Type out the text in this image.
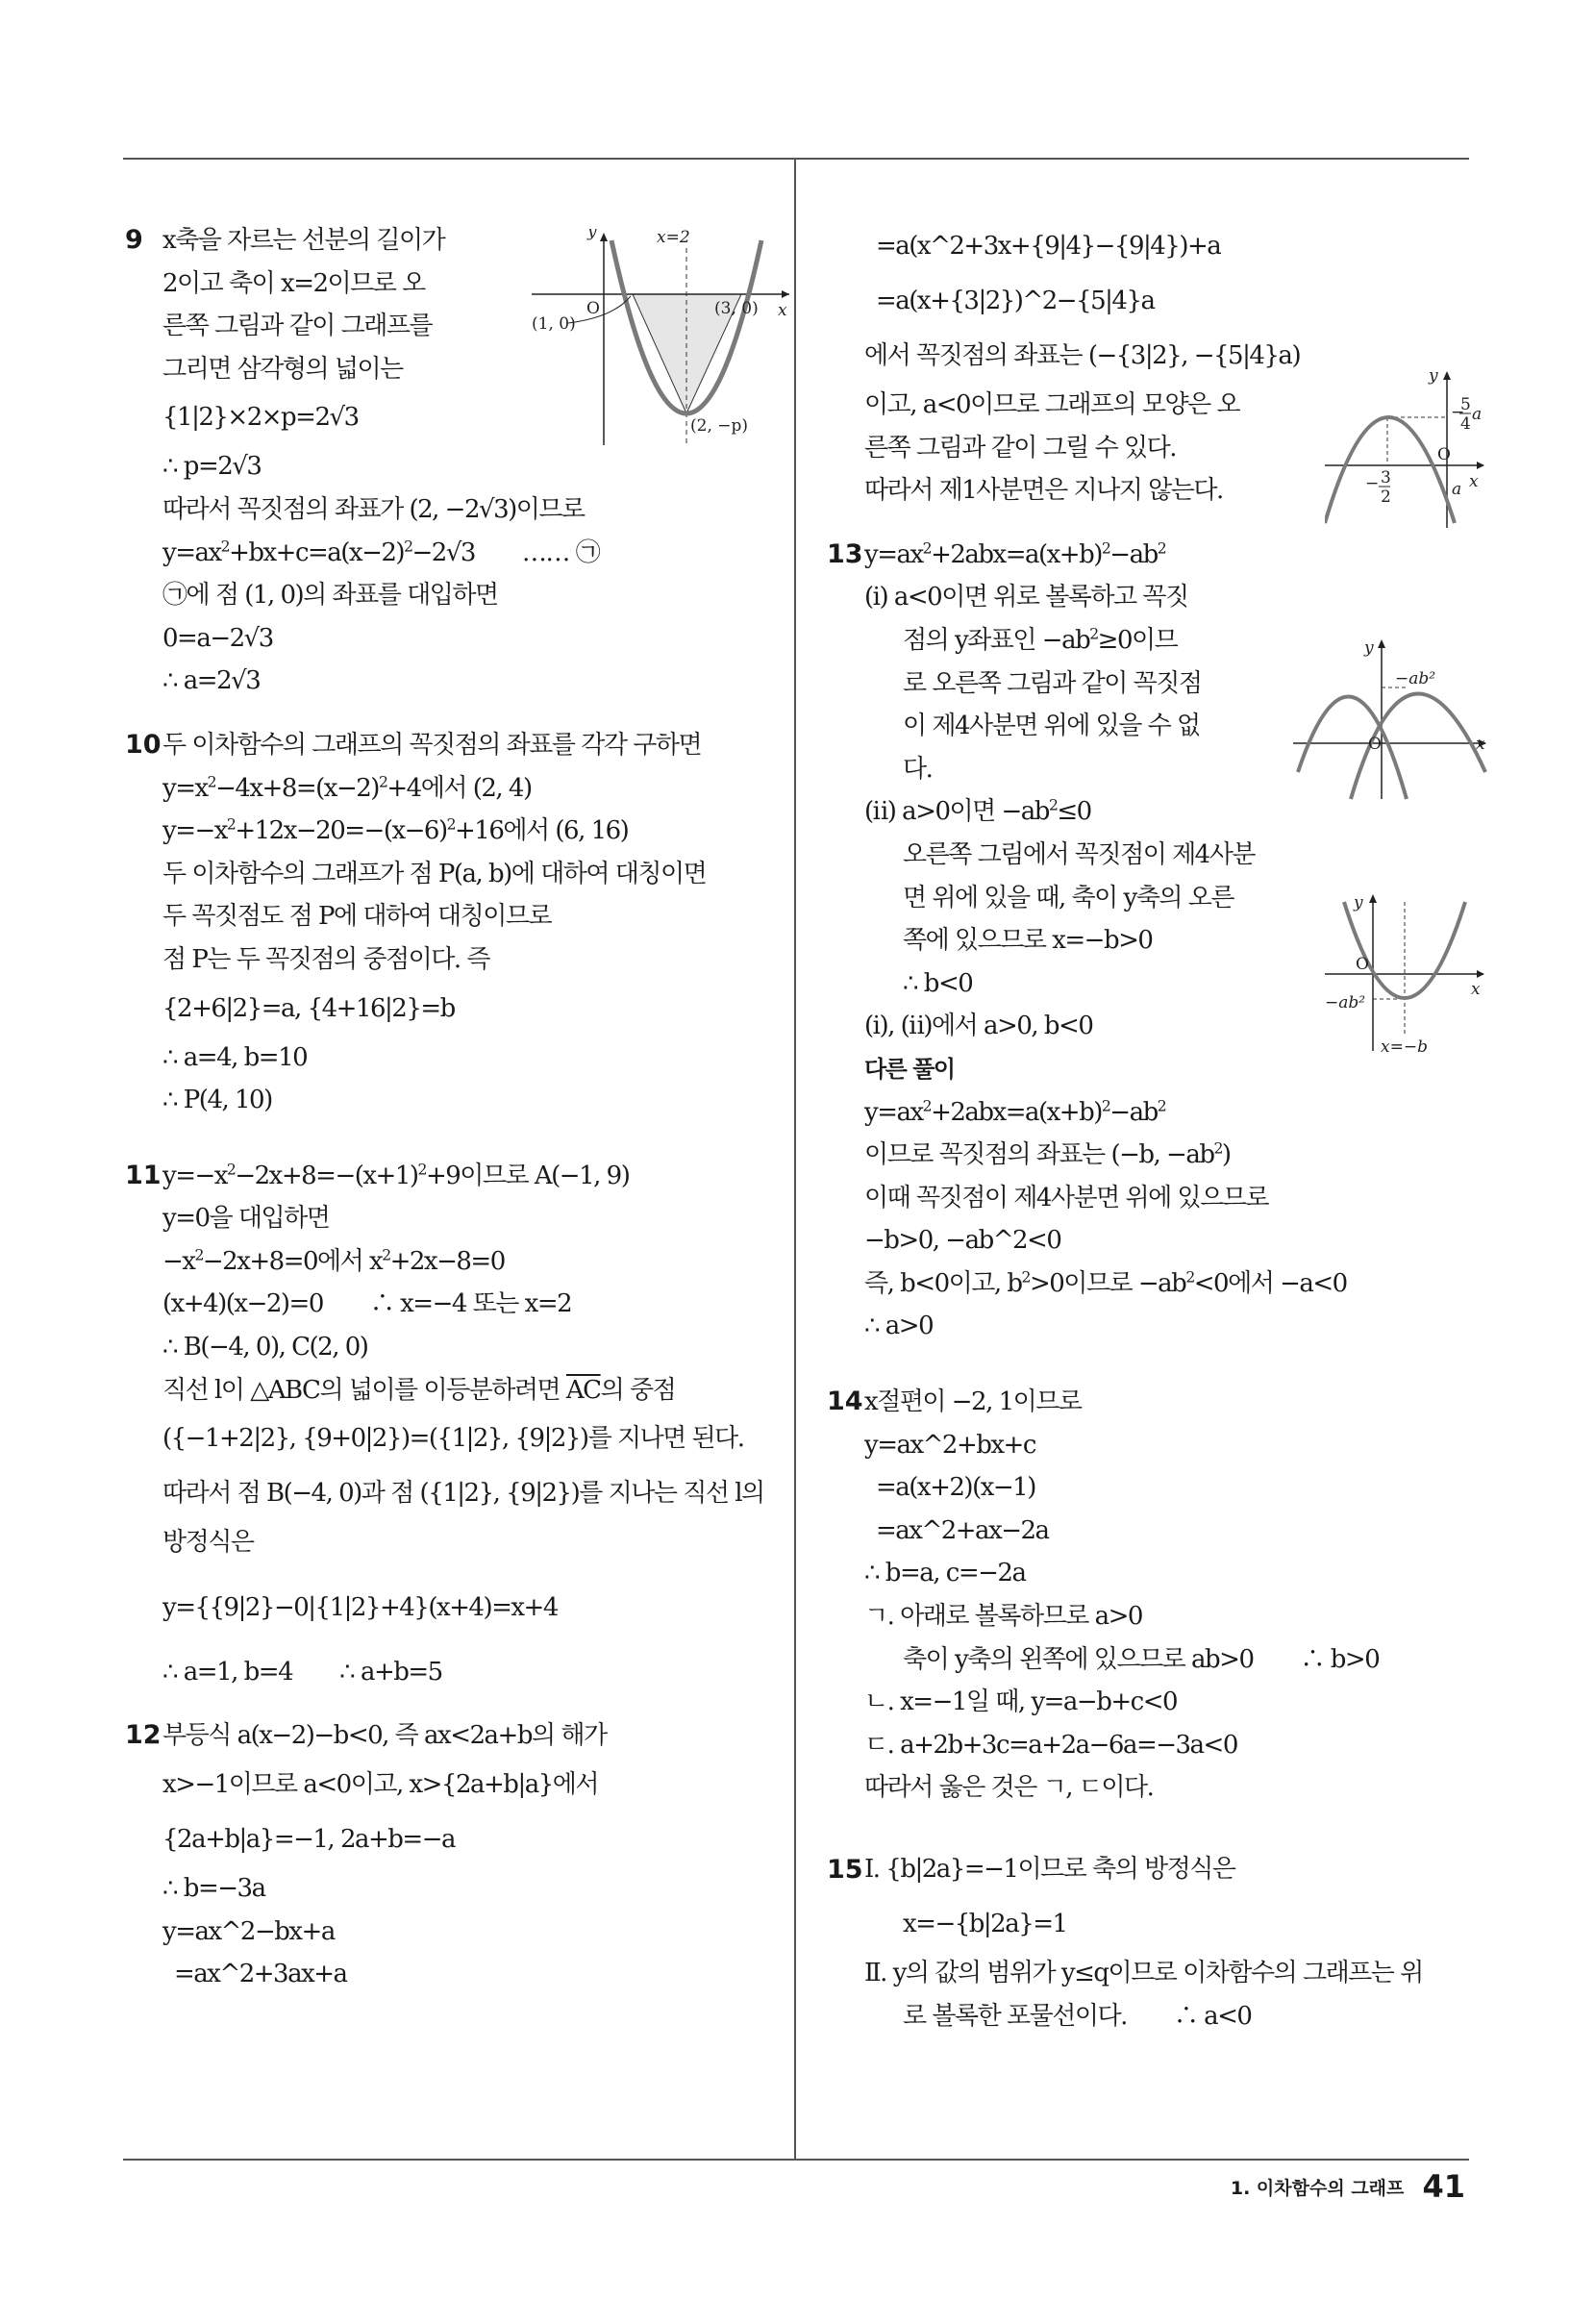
9 x축을 자르는 선분의 길이가
2이고 축이 x=2이므로 오
른쪽 그림과 같이 그래프를
그리면 삼각형의 넓이는
{1|2}×2×p=2√3
∴ p=2√3
따라서 꼭짓점의 좌표가 (2, −2√3)이므로
$y=ax^2+bx+c=a(x-2)^2-2√3$　　…… ㉠
㉠에 점 (1, 0)의 좌표를 대입하면
0=a−2√3
∴ a=2√3
10 두 이차함수의 그래프의 꼭짓점의 좌표를 각각 구하면
$y=x^2-4x+8=(x-2)^2+4$에서 (2, 4)
$y=-x^2+12x-20=-(x-6)^2+16$에서 (6, 16)
두 이차함수의 그래프가 점 P(a, b)에 대하여 대칭이면
두 꼭짓점도 점 P에 대하여 대칭이므로
점 P는 두 꼭짓점의 중점이다. 즉
{2+6|2}=a, {4+16|2}=b
∴ a=4, b=10
∴ P(4, 10)
11 $y=-x^2-2x+8=-(x+1)^2+9$이므로 A(−1, 9)
y=0을 대입하면
$-x^2-2x+8=0$에서 $x^2+2x-8=0$
(x+4)(x−2)=0　　∴ x=−4 또는 x=2
∴ B(−4, 0), C(2, 0)
직선 l이 △ABC의 넓이를 이등분하려면 $\overline{AC}$의 중점
({−1+2|2}, {9+0|2})=({1|2}, {9|2})를 지나면 된다.
따라서 점 B(−4, 0)과 점 ({1|2}, {9|2})를 지나는 직선 l의
방정식은
y={{9|2}−0|{1|2}+4}(x+4)=x+4
∴ a=1, b=4　　∴ a+b=5
12 부등식 a(x−2)−b<0, 즉 ax<2a+b의 해가
x>−1이므로 a<0이고, x>{2a+b|a}에서
{2a+b|a}=−1, 2a+b=−a
∴ b=−3a
y=ax^2−bx+a
=ax^2+3ax+a
=a(x^2+3x+{9|4}−{9|4})+a
=a(x+{3|2})^2−{5|4}a
에서 꼭짓점의 좌표는 (−{3|2}, −{5|4}a)
이고, a<0이므로 그래프의 모양은 오
른쪽 그림과 같이 그릴 수 있다.
따라서 제1사분면은 지나지 않는다.
13 $y=ax^2+2abx=a(x+b)^2-ab^2$
(ⅰ) a<0이면 위로 볼록하고 꼭짓
점의 y좌표인 $-ab^2\ge 0$이므
로 오른쪽 그림과 같이 꼭짓점
이 제4사분면 위에 있을 수 없
다.
(ⅱ) a>0이면 $-ab^2\le 0$
오른쪽 그림에서 꼭짓점이 제4사분
면 위에 있을 때, 축이 y축의 오른
쪽에 있으므로 x=−b>0
∴ b<0
(ⅰ), (ⅱ)에서 a>0, b<0
다른 풀이
$y=ax^2+2abx=a(x+b)^2-ab^2$
이므로 꼭짓점의 좌표는 (−b, $-ab^2$)
이때 꼭짓점이 제4사분면 위에 있으므로
−b>0, −ab^2<0
즉, b<0이고, $b^2>0$이므로 $-ab^2<0$에서 −a<0
∴ a>0
14 x절편이 −2, 1이므로
y=ax^2+bx+c
=a(x+2)(x−1)
=ax^2+ax−2a
∴ b=a, c=−2a
ㄱ. 아래로 볼록하므로 a>0
축이 y축의 왼쪽에 있으므로 ab>0　　∴ b>0
ㄴ. x=−1일 때, y=a−b+c<0
ㄷ. a+2b+3c=a+2a−6a=−3a<0
따라서 옳은 것은 ㄱ, ㄷ이다.
15 Ⅰ. {b|2a}=−1이므로 축의 방정식은
x=−{b|2a}=1
Ⅱ. y의 값의 범위가 y≤q이므로 이차함수의 그래프는 위
로 볼록한 포물선이다.　　∴ a<0
y	x=2
O
(1, 0)
(3, 0) x
(2, −p)
y
x
O
−
5
4 a
− 3
2	a
y
−ab²
O	x
y
O
x
−ab²
x=−b
1. 이차함수의 그래프 41
